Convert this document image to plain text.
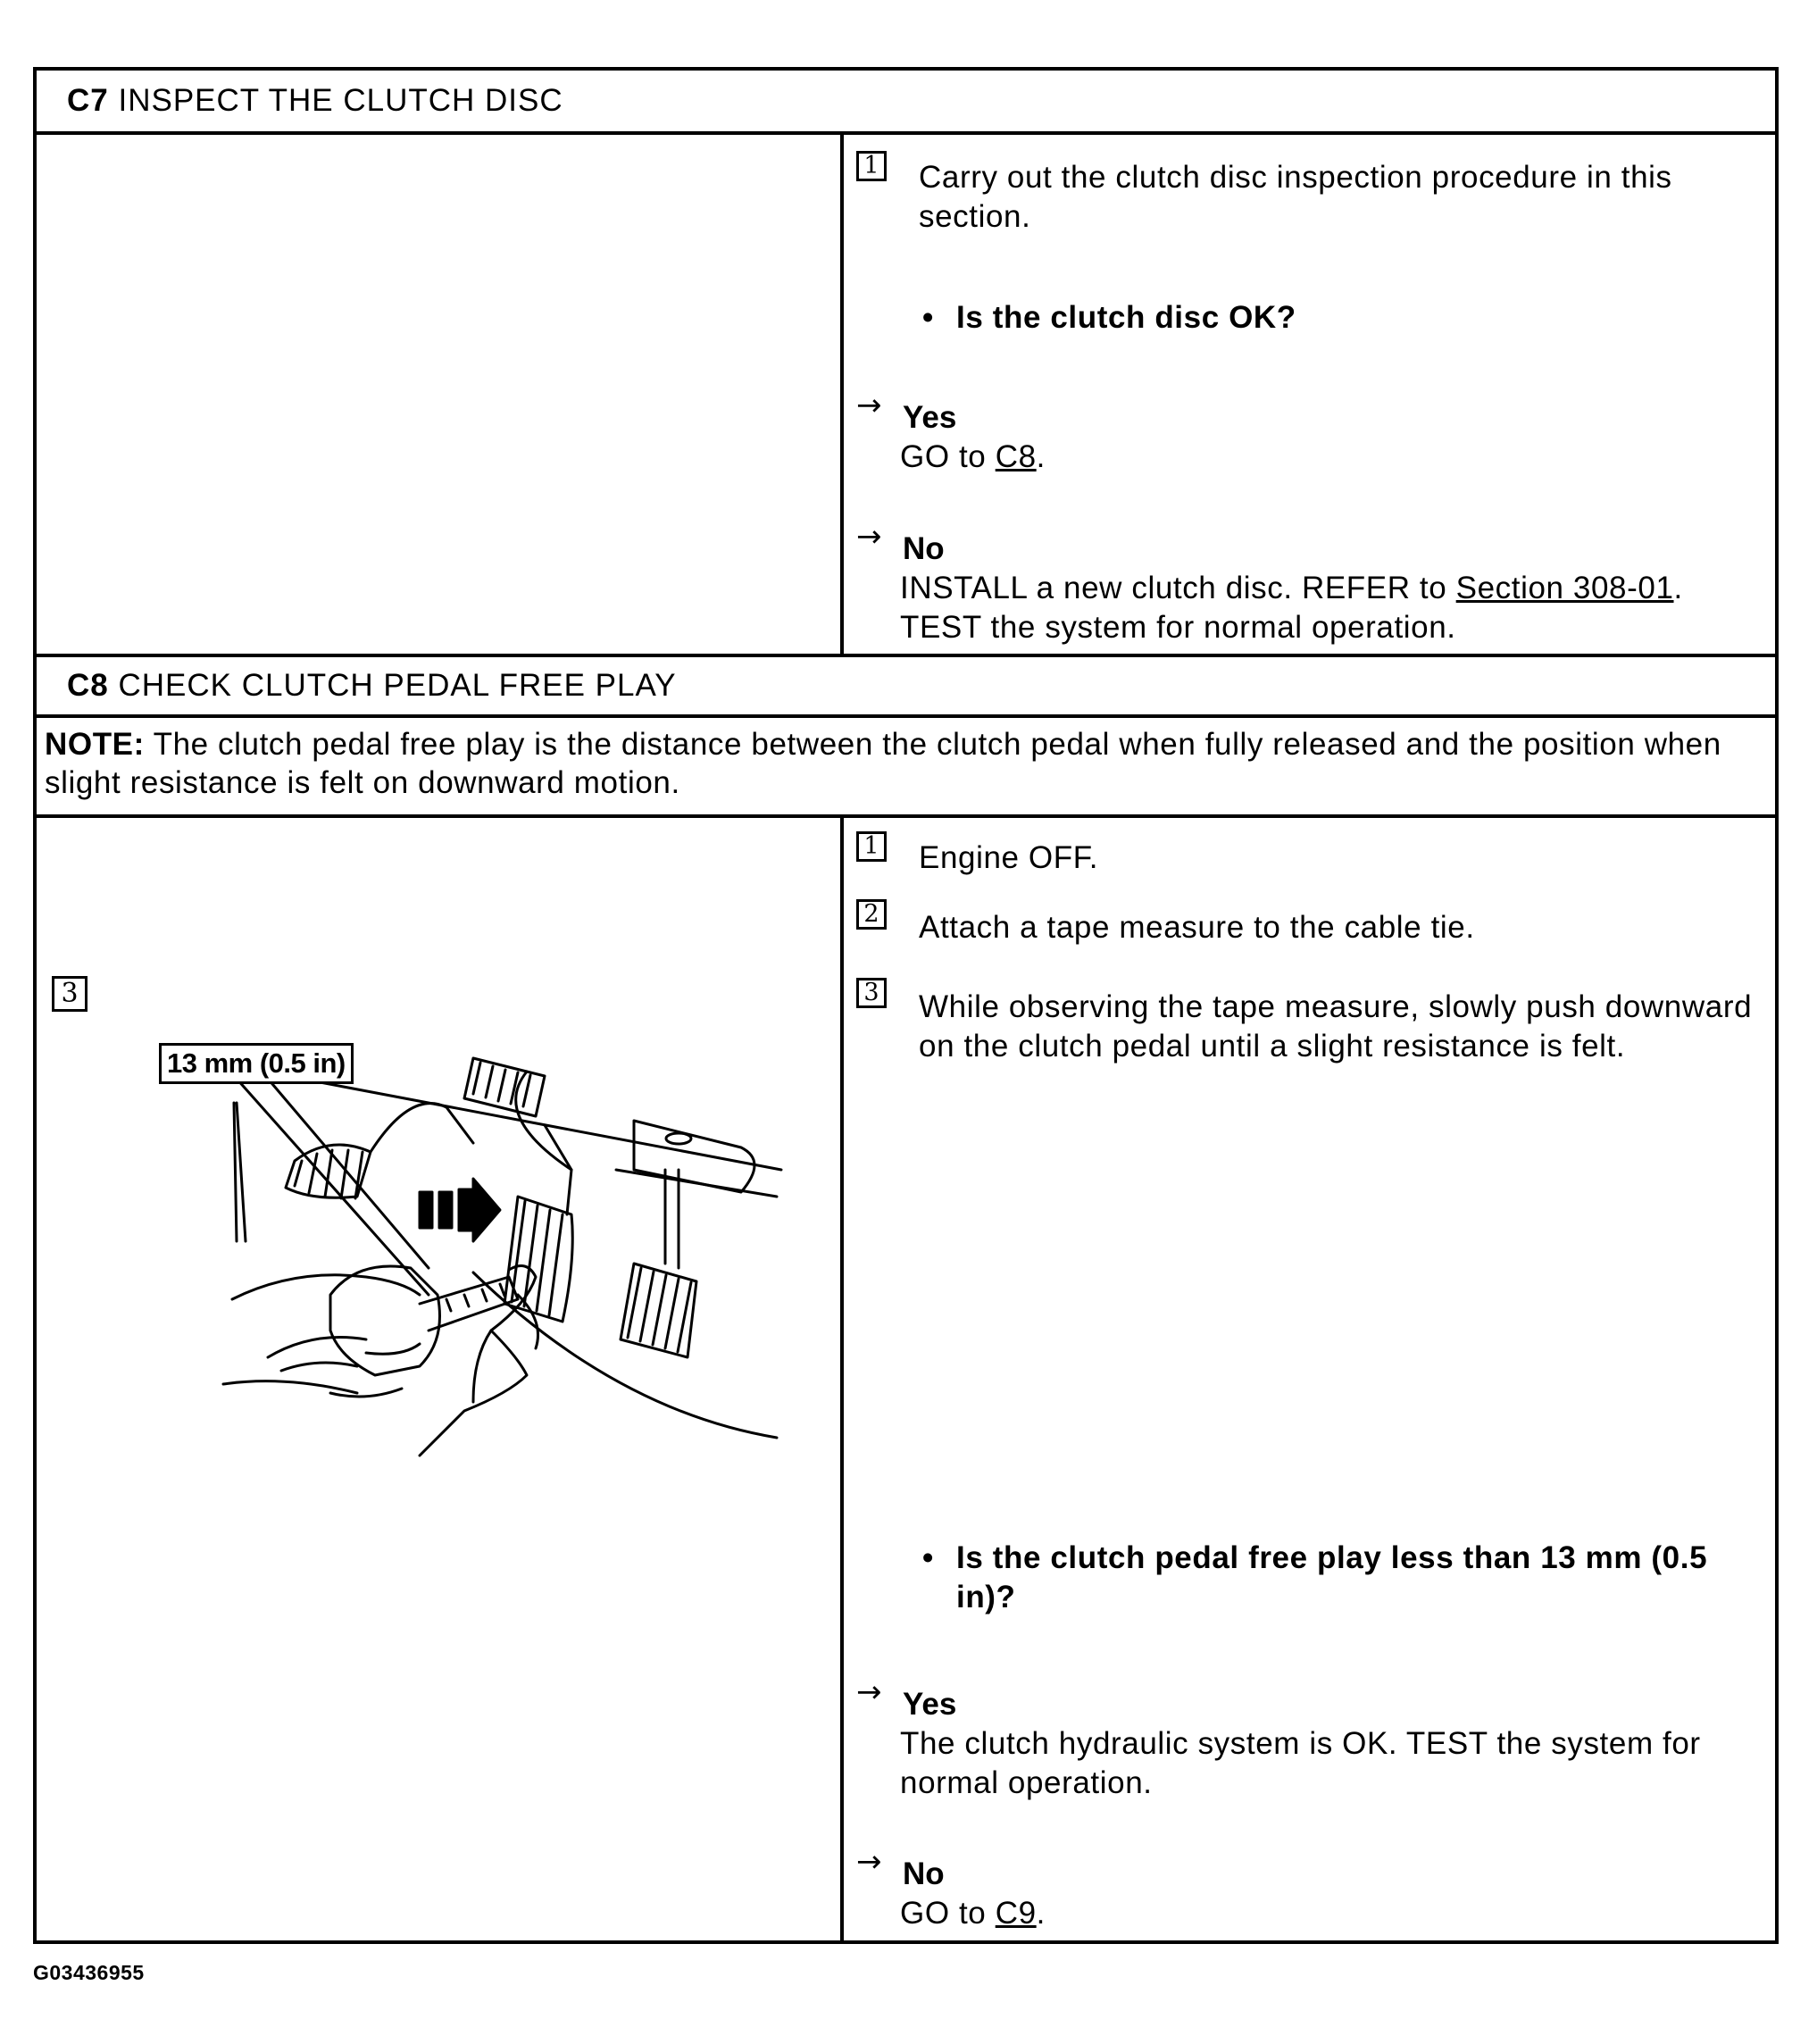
C7 INSPECT THE CLUTCH DISC
1 Carry out the clutch disc inspection procedure in this section.
• Is the clutch disc OK?
→ Yes
GO to C8.
→ No
INSTALL a new clutch disc. REFER to Section 308-01.
TEST the system for normal operation.
C8 CHECK CLUTCH PEDAL FREE PLAY
NOTE: The clutch pedal free play is the distance between the clutch pedal when fully released and the position when slight resistance is felt on downward motion.
3
13 mm (0.5 in)
1 Engine OFF.
2 Attach a tape measure to the cable tie.
3 While observing the tape measure, slowly push downward on the clutch pedal until a slight resistance is felt.
• Is the clutch pedal free play less than 13 mm (0.5 in)?
→ Yes
The clutch hydraulic system is OK. TEST the system for normal operation.
→ No
GO to C9.
G03436955
